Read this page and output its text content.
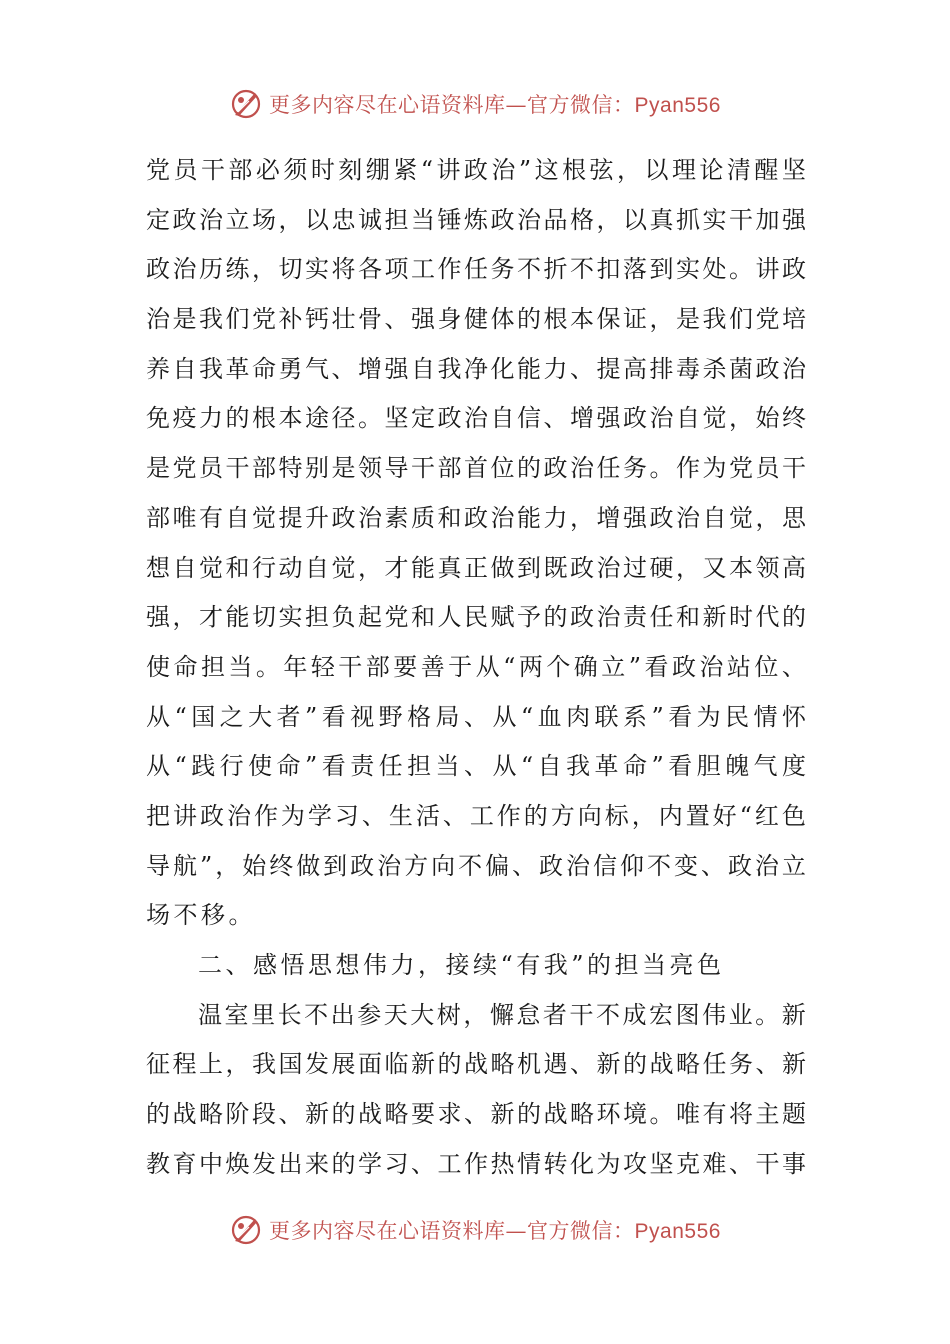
更多内容尽在心语资料库—官方微信：Pyan556
党 员 干 部 必 须 时 刻 绷 紧 “ 讲 政 治 ” 这 根 弦 ， 以 理 论 清 醒 坚
定 政 治 立 场 ， 以 忠 诚 担 当 锤 炼 政 治 品 格 ， 以 真 抓 实 干 加 强
政 治 历 练 ， 切 实 将 各 项 工 作 任 务 不 折 不 扣 落 到 实 处 。 讲 政
治 是 我 们 党 补 钙 壮 骨 、 强 身 健 体 的 根 本 保 证 ， 是 我 们 党 培
养 自 我 革 命 勇 气 、 增 强 自 我 净 化 能 力 、 提 高 排 毒 杀 菌 政 治
免 疫 力 的 根 本 途 径 。 坚 定 政 治 自 信 、 增 强 政 治 自 觉 ， 始 终
是 党 员 干 部 特 别 是 领 导 干 部 首 位 的 政 治 任 务 。 作 为 党 员 干
部 唯 有 自 觉 提 升 政 治 素 质 和 政 治 能 力 ， 增 强 政 治 自 觉 ， 思
想 自 觉 和 行 动 自 觉 ， 才 能 真 正 做 到 既 政 治 过 硬 ， 又 本 领 高
强 ， 才 能 切 实 担 负 起 党 和 人 民 赋 予 的 政 治 责 任 和 新 时 代 的
使 命 担 当 。 年 轻 干 部 要 善 于 从 “ 两 个 确 立 ” 看 政 治 站 位 、
从 “ 国 之 大 者 ” 看 视 野 格 局 、 从 “ 血 肉 联 系 ” 看 为 民 情 怀
从 “ 践 行 使 命 ” 看 责 任 担 当 、 从 “ 自 我 革 命 ” 看 胆 魄 气 度
把 讲 政 治 作 为 学 习 、 生 活 、 工 作 的 方 向 标 ， 内 置 好 “ 红 色
导 航 ” ， 始 终 做 到 政 治 方 向 不 偏 、 政 治 信 仰 不 变 、 政 治 立
场不移。
二、感悟思想伟力，接续“有我”的担当亮色
温 室 里 长 不 出 参 天 大 树 ， 懈 怠 者 干 不 成 宏 图 伟 业 。 新
征 程 上 ， 我 国 发 展 面 临 新 的 战 略 机 遇 、 新 的 战 略 任 务 、 新
的 战 略 阶 段 、 新 的 战 略 要 求 、 新 的 战 略 环 境 。 唯 有 将 主 题
教 育 中 焕 发 出 来 的 学 习 、 工 作 热 情 转 化 为 攻 坚 克 难 、 干 事
更多内容尽在心语资料库—官方微信：Pyan556
